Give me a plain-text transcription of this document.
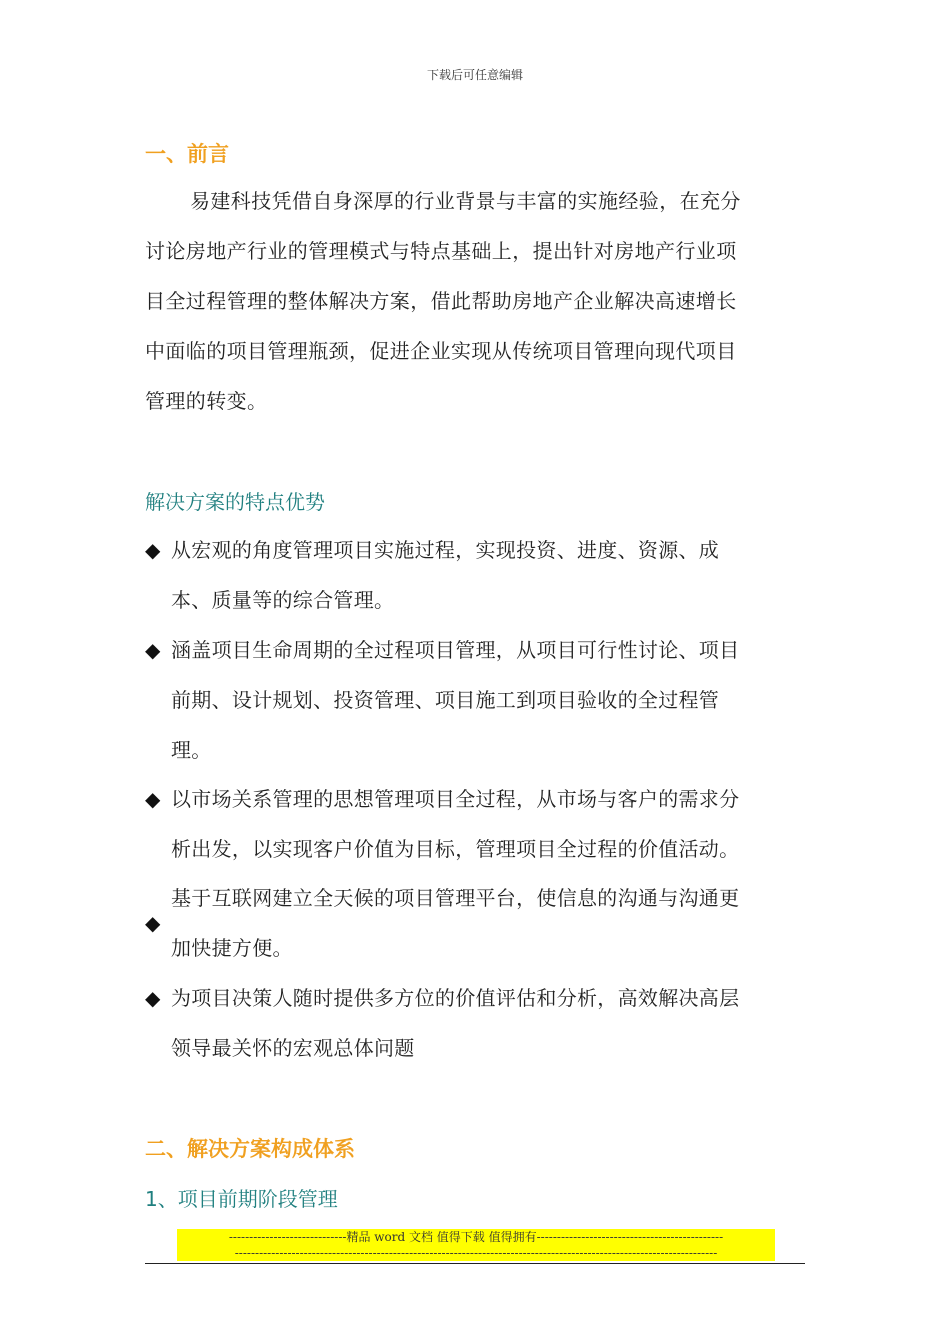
下载后可任意编辑
一、前言
易建科技凭借自身深厚的行业背景与丰富的实施经验，在充分
讨论房地产行业的管理模式与特点基础上，提出针对房地产行业项
目全过程管理的整体解决方案，借此帮助房地产企业解决高速增长
中面临的项目管理瓶颈，促进企业实现从传统项目管理向现代项目
管理的转变。
解决方案的特点优势
◆ 从宏观的角度管理项目实施过程，实现投资、进度、资源、成
本、质量等的综合管理。
◆ 涵盖项目生命周期的全过程项目管理，从项目可行性讨论、项目
前期、设计规划、投资管理、项目施工到项目验收的全过程管
理。
◆ 以市场关系管理的思想管理项目全过程，从市场与客户的需求分
析出发，以实现客户价值为目标，管理项目全过程的价值活动。
◆
基于互联网建立全天候的项目管理平台，使信息的沟通与沟通更
加快捷方便。
◆ 为项目决策人随时提供多方位的价值评估和分析，高效解决高层
领导最关怀的宏观总体问题
二、解决方案构成体系
1、项目前期阶段管理
-----------------------------精品 word 文档 值得下载 值得拥有----------------------------------------------
-----------------------------------------------------------------------------------------------------------------------
